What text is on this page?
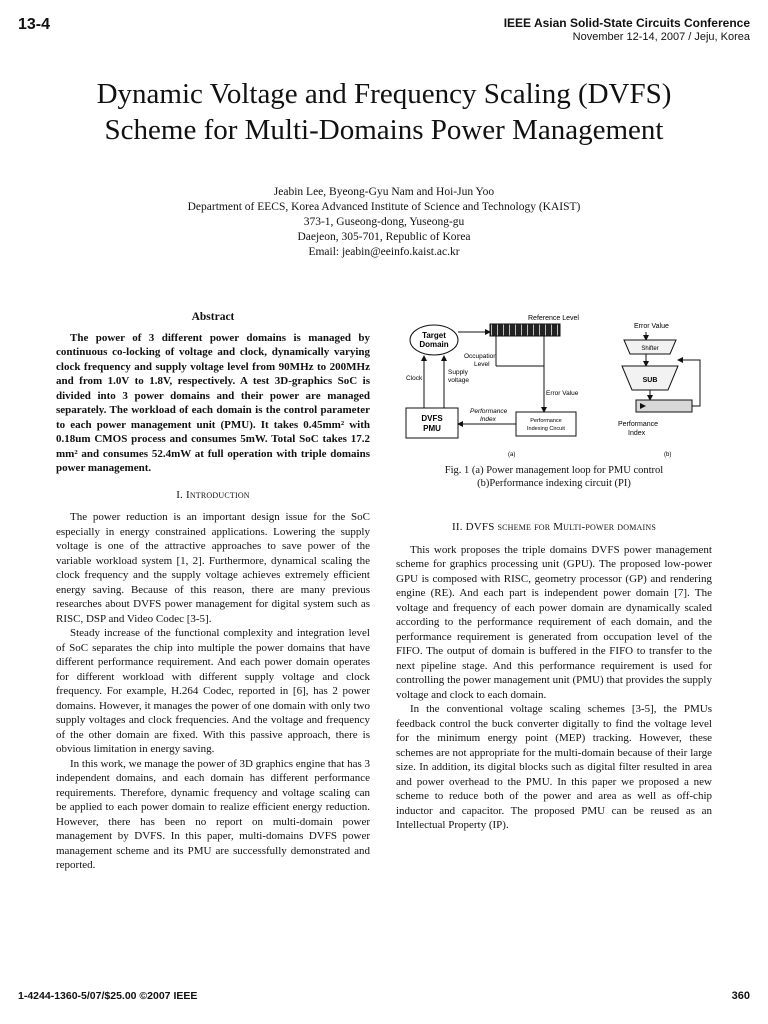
13-4	IEEE Asian Solid-State Circuits Conference
November 12-14, 2007 / Jeju, Korea
Dynamic Voltage and Frequency Scaling (DVFS)
Scheme for Multi-Domains Power Management
Jeabin Lee, Byeong-Gyu Nam and Hoi-Jun Yoo
Department of EECS, Korea Advanced Institute of Science and Technology (KAIST)
373-1, Guseong-dong, Yuseong-gu
Daejeon, 305-701, Republic of Korea
Email: jeabin@eeinfo.kaist.ac.kr
Abstract

The power of 3 different power domains is managed by continuous co-locking of voltage and clock, dynamically varying clock frequency and supply voltage level from 90MHz to 200MHz and from 1.0V to 1.8V, respectively. A test 3D-graphics SoC is divided into 3 power domains and their power are managed separately. The workload of each domain is the control parameter to each power management unit (PMU). It takes 0.45mm² with 0.18um CMOS process and consumes 5mW. Total SoC takes 17.2 mm² and consumes 52.4mW at full operation with triple domains power management.

I. Introduction

The power reduction is an important design issue for the SoC especially in energy constrained applications. Lowering the supply voltage is one of the attractive approaches to save power of the variable workload system [1, 2]. Furthermore, dynamical scaling the clock frequency and the supply voltage achieves extremely efficient energy saving. Because of this reason, there are many previous researches about DVFS power management for digital system such as RISC, DSP and Video Codec [3-5].

Steady increase of the functional complexity and integration level of SoC separates the chip into multiple the power domains that have different performance requirement. And each power domain operates for different workload with different supply voltage and clock frequency. For example, H.264 Codec, reported in [6], has 2 power domains. However, it manages the power of one domain with only two supply voltages and clock frequencies. And the voltage and frequency of the other domain are fixed. With this passive approach, there is obvious limitation in energy saving.

In this work, we manage the power of 3D graphics engine that has 3 independent domains, and each domain has different performance requirements. Therefore, dynamic frequency and voltage scaling can be applied to each power domain to realize efficient energy reduction. However, there has been no report on multi-domain power management by DVFS. In this paper, multi-domains DVFS power management scheme and its PMU are successfully demonstrated and reported.

Reference Level
Target
Domain
Occupation
Level
Clock
Supply
voltage
Error Value
DVFS
PMU
Performance
Indexing Circuit
Performance
Index
(a)
Error Value
Shifter
SUB
Performance
Index
(b)
Fig. 1 (a) Power management loop for PMU control
(b)Performance indexing circuit (PI)
II. DVFS scheme for Multi-power domains

This work proposes the triple domains DVFS power management scheme for graphics processing unit (GPU). The proposed low-power GPU is composed with RISC, geometry processor (GP) and rendering engine (RE). And each part is independent power domain [7]. The voltage and frequency of each power domain are dynamically scaled according to the performance requirement of each domain, and the performance requirement is generated from occupation level of the FIFO. The output of domain is buffered in the FIFO to transfer to the next pipeline stage. And this performance requirement is used for controlling the power management unit (PMU) that provides the supply voltage and clock to each domain.

In the conventional voltage scaling schemes [3-5], the PMUs feedback control the buck converter digitally to find the voltage level for the minimum energy point (MEP) tracking. However, these schemes are not appropriate for the multi-domain because of their large size. In addition, its digital blocks such as digital filter resulted in area and power overhead to the PMU. In this paper we proposed a new scheme to reduce both of the power and area as well as off-chip inductor and capacitor. The proposed PMU can be reused as an Intellectual Property (IP).

1-4244-1360-5/07/$25.00 ©2007 IEEE	360
